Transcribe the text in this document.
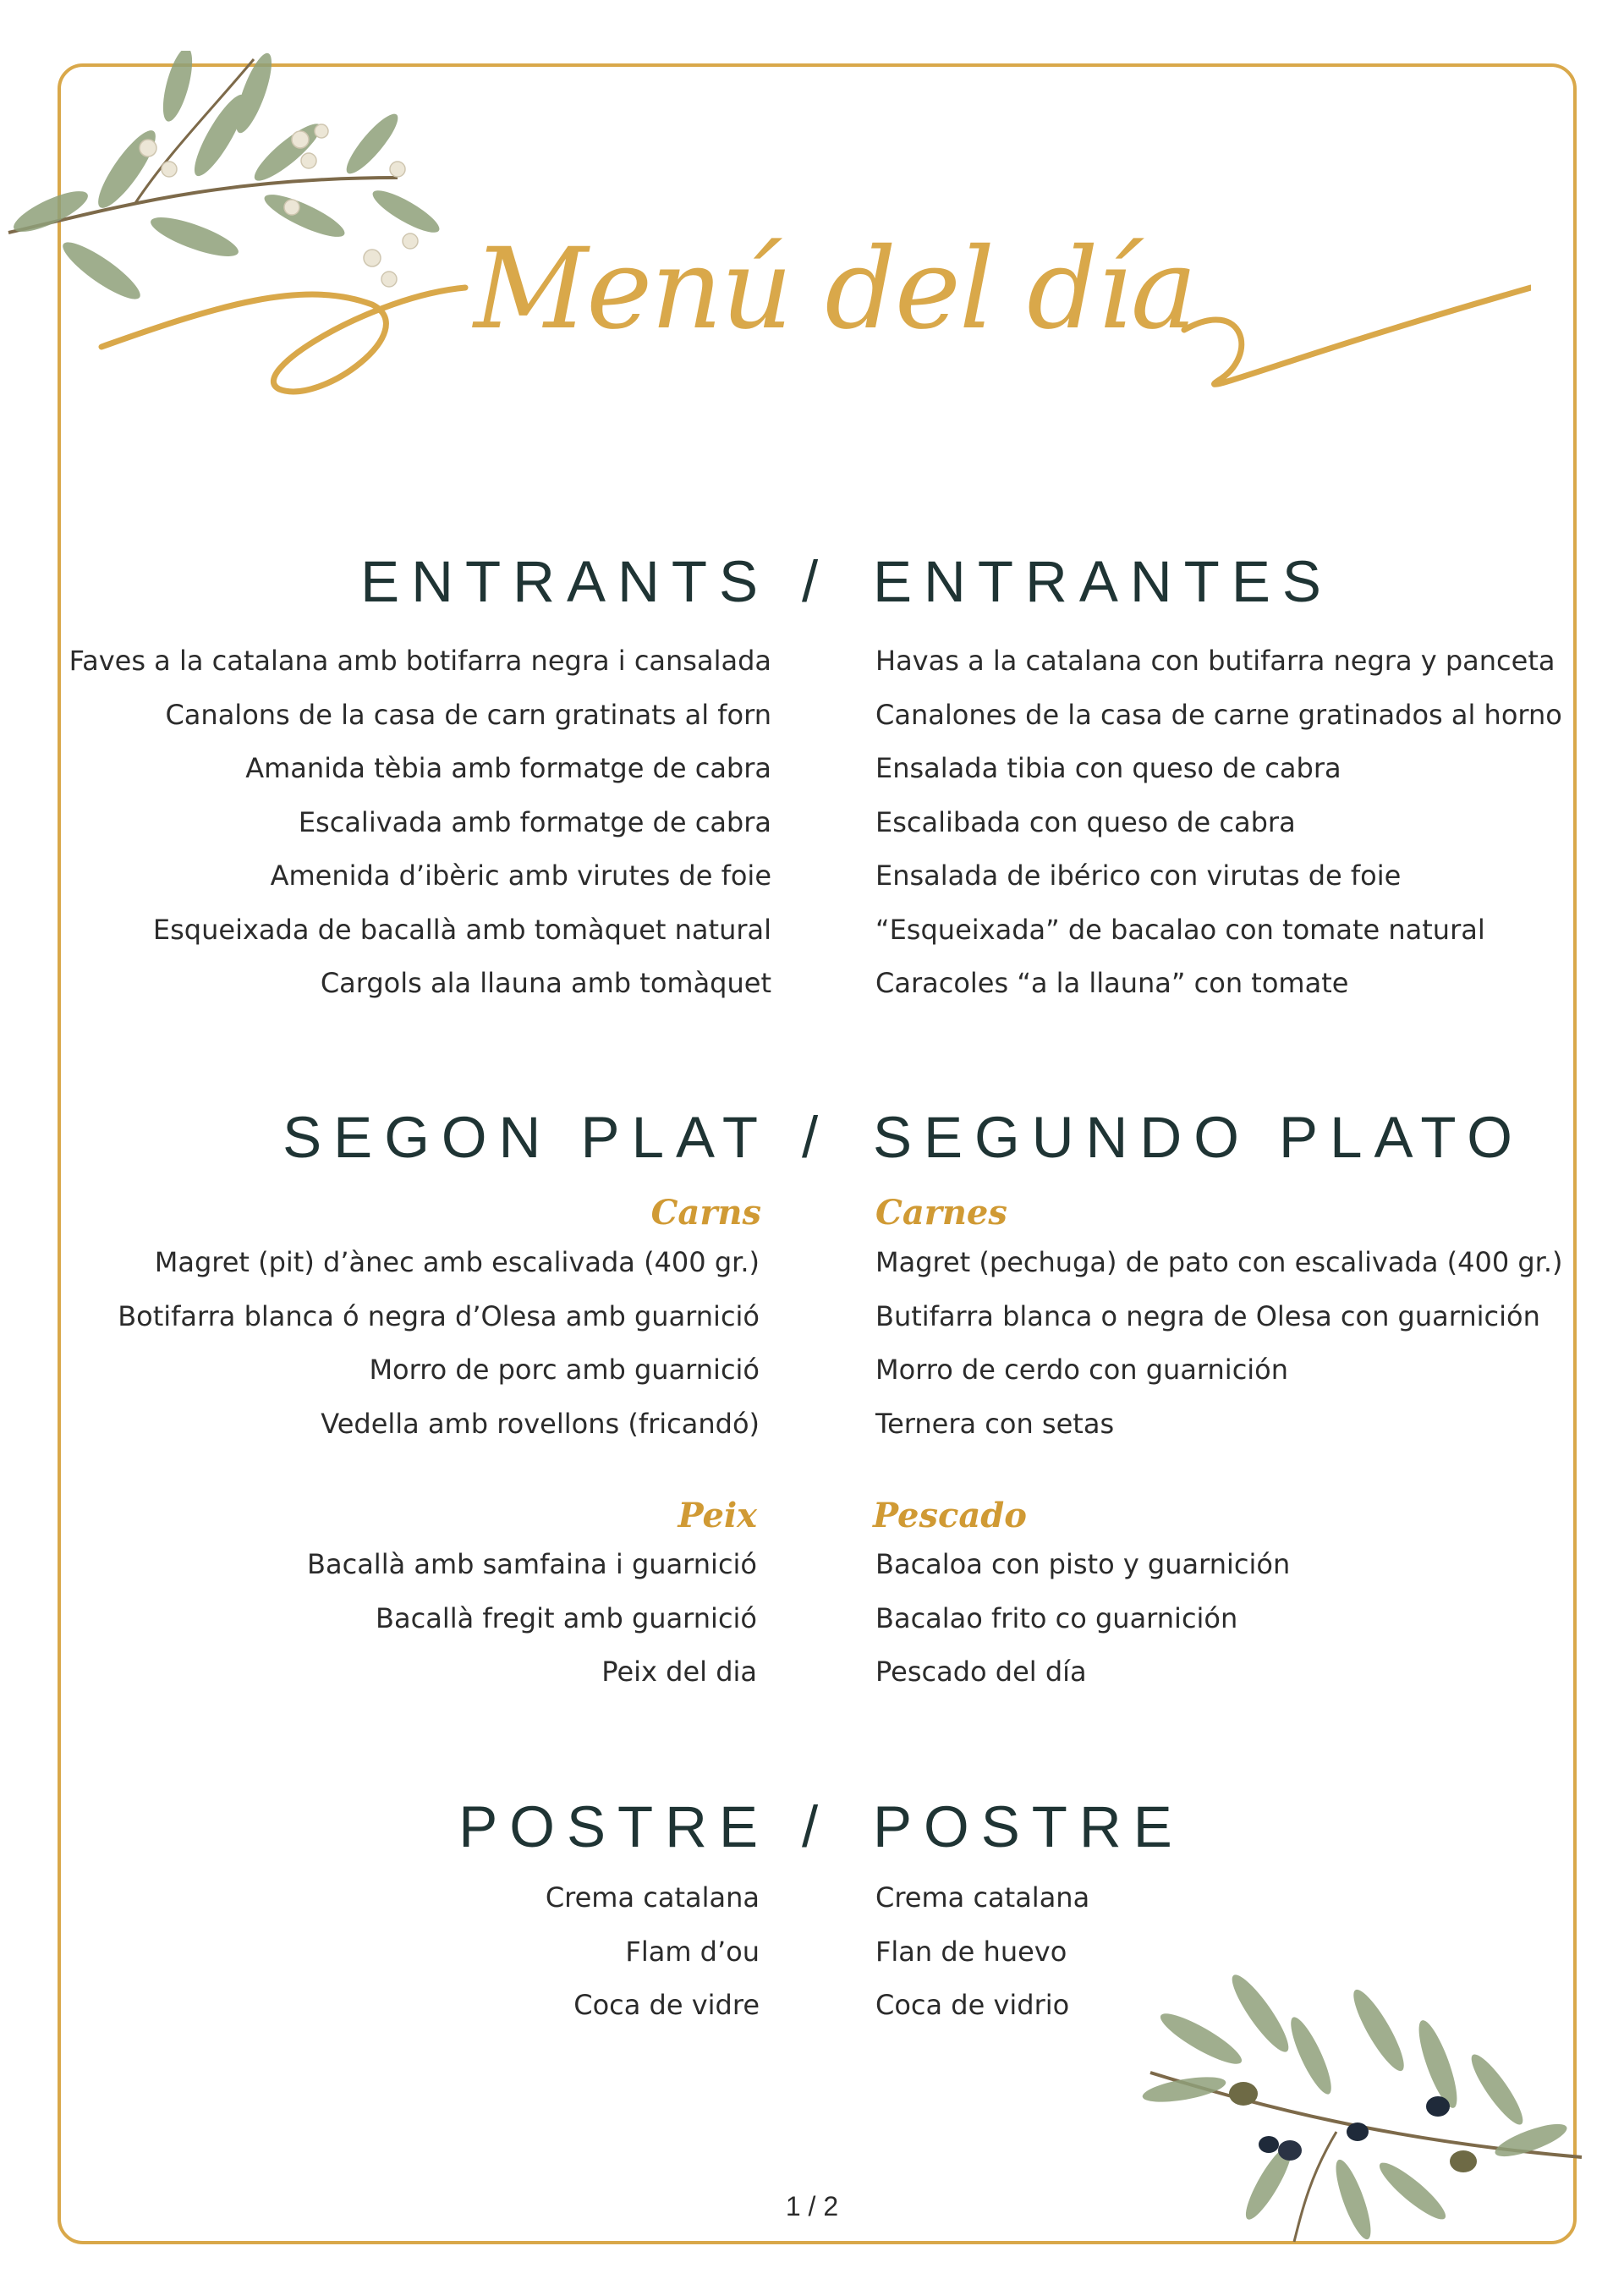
Menú del día
ENTRANTS / ENTRANTES
Faves a la catalana amb botifarra negra i cansalada
Canalons de la casa de carn gratinats al forn
Amanida tèbia amb formatge de cabra
Escalivada amb formatge de cabra
Amenida d’ibèric amb virutes de foie
Esqueixada de bacallà amb tomàquet natural
Cargols ala llauna amb tomàquet
Havas a la catalana con butifarra negra y panceta
Canalones de la casa de carne gratinados al horno
Ensalada tibia con queso de cabra
Escalibada con queso de cabra
Ensalada de ibérico con virutas de foie
“Esqueixada” de bacalao con tomate natural
Caracoles “a la llauna” con tomate
SEGON PLAT / SEGUNDO PLATO
Carns	Carnes
Magret (pit) d’ànec amb escalivada (400 gr.)
Botifarra blanca ó negra d’Olesa amb guarnició
Morro de porc amb guarnició
Vedella amb rovellons (fricandó)
Magret (pechuga) de pato con escalivada (400 gr.)
Butifarra blanca o negra de Olesa con guarnición
Morro de cerdo con guarnición
Ternera con setas
Peix	Pescado
Bacallà amb samfaina i guarnició
Bacallà fregit amb guarnició
Peix del dia
Bacaloa con pisto y guarnición
Bacalao frito co guarnición
Pescado del día
POSTRE / POSTRE
Crema catalana
Flam d’ou
Coca de vidre
Crema catalana
Flan de huevo
Coca de vidrio
1 / 2
